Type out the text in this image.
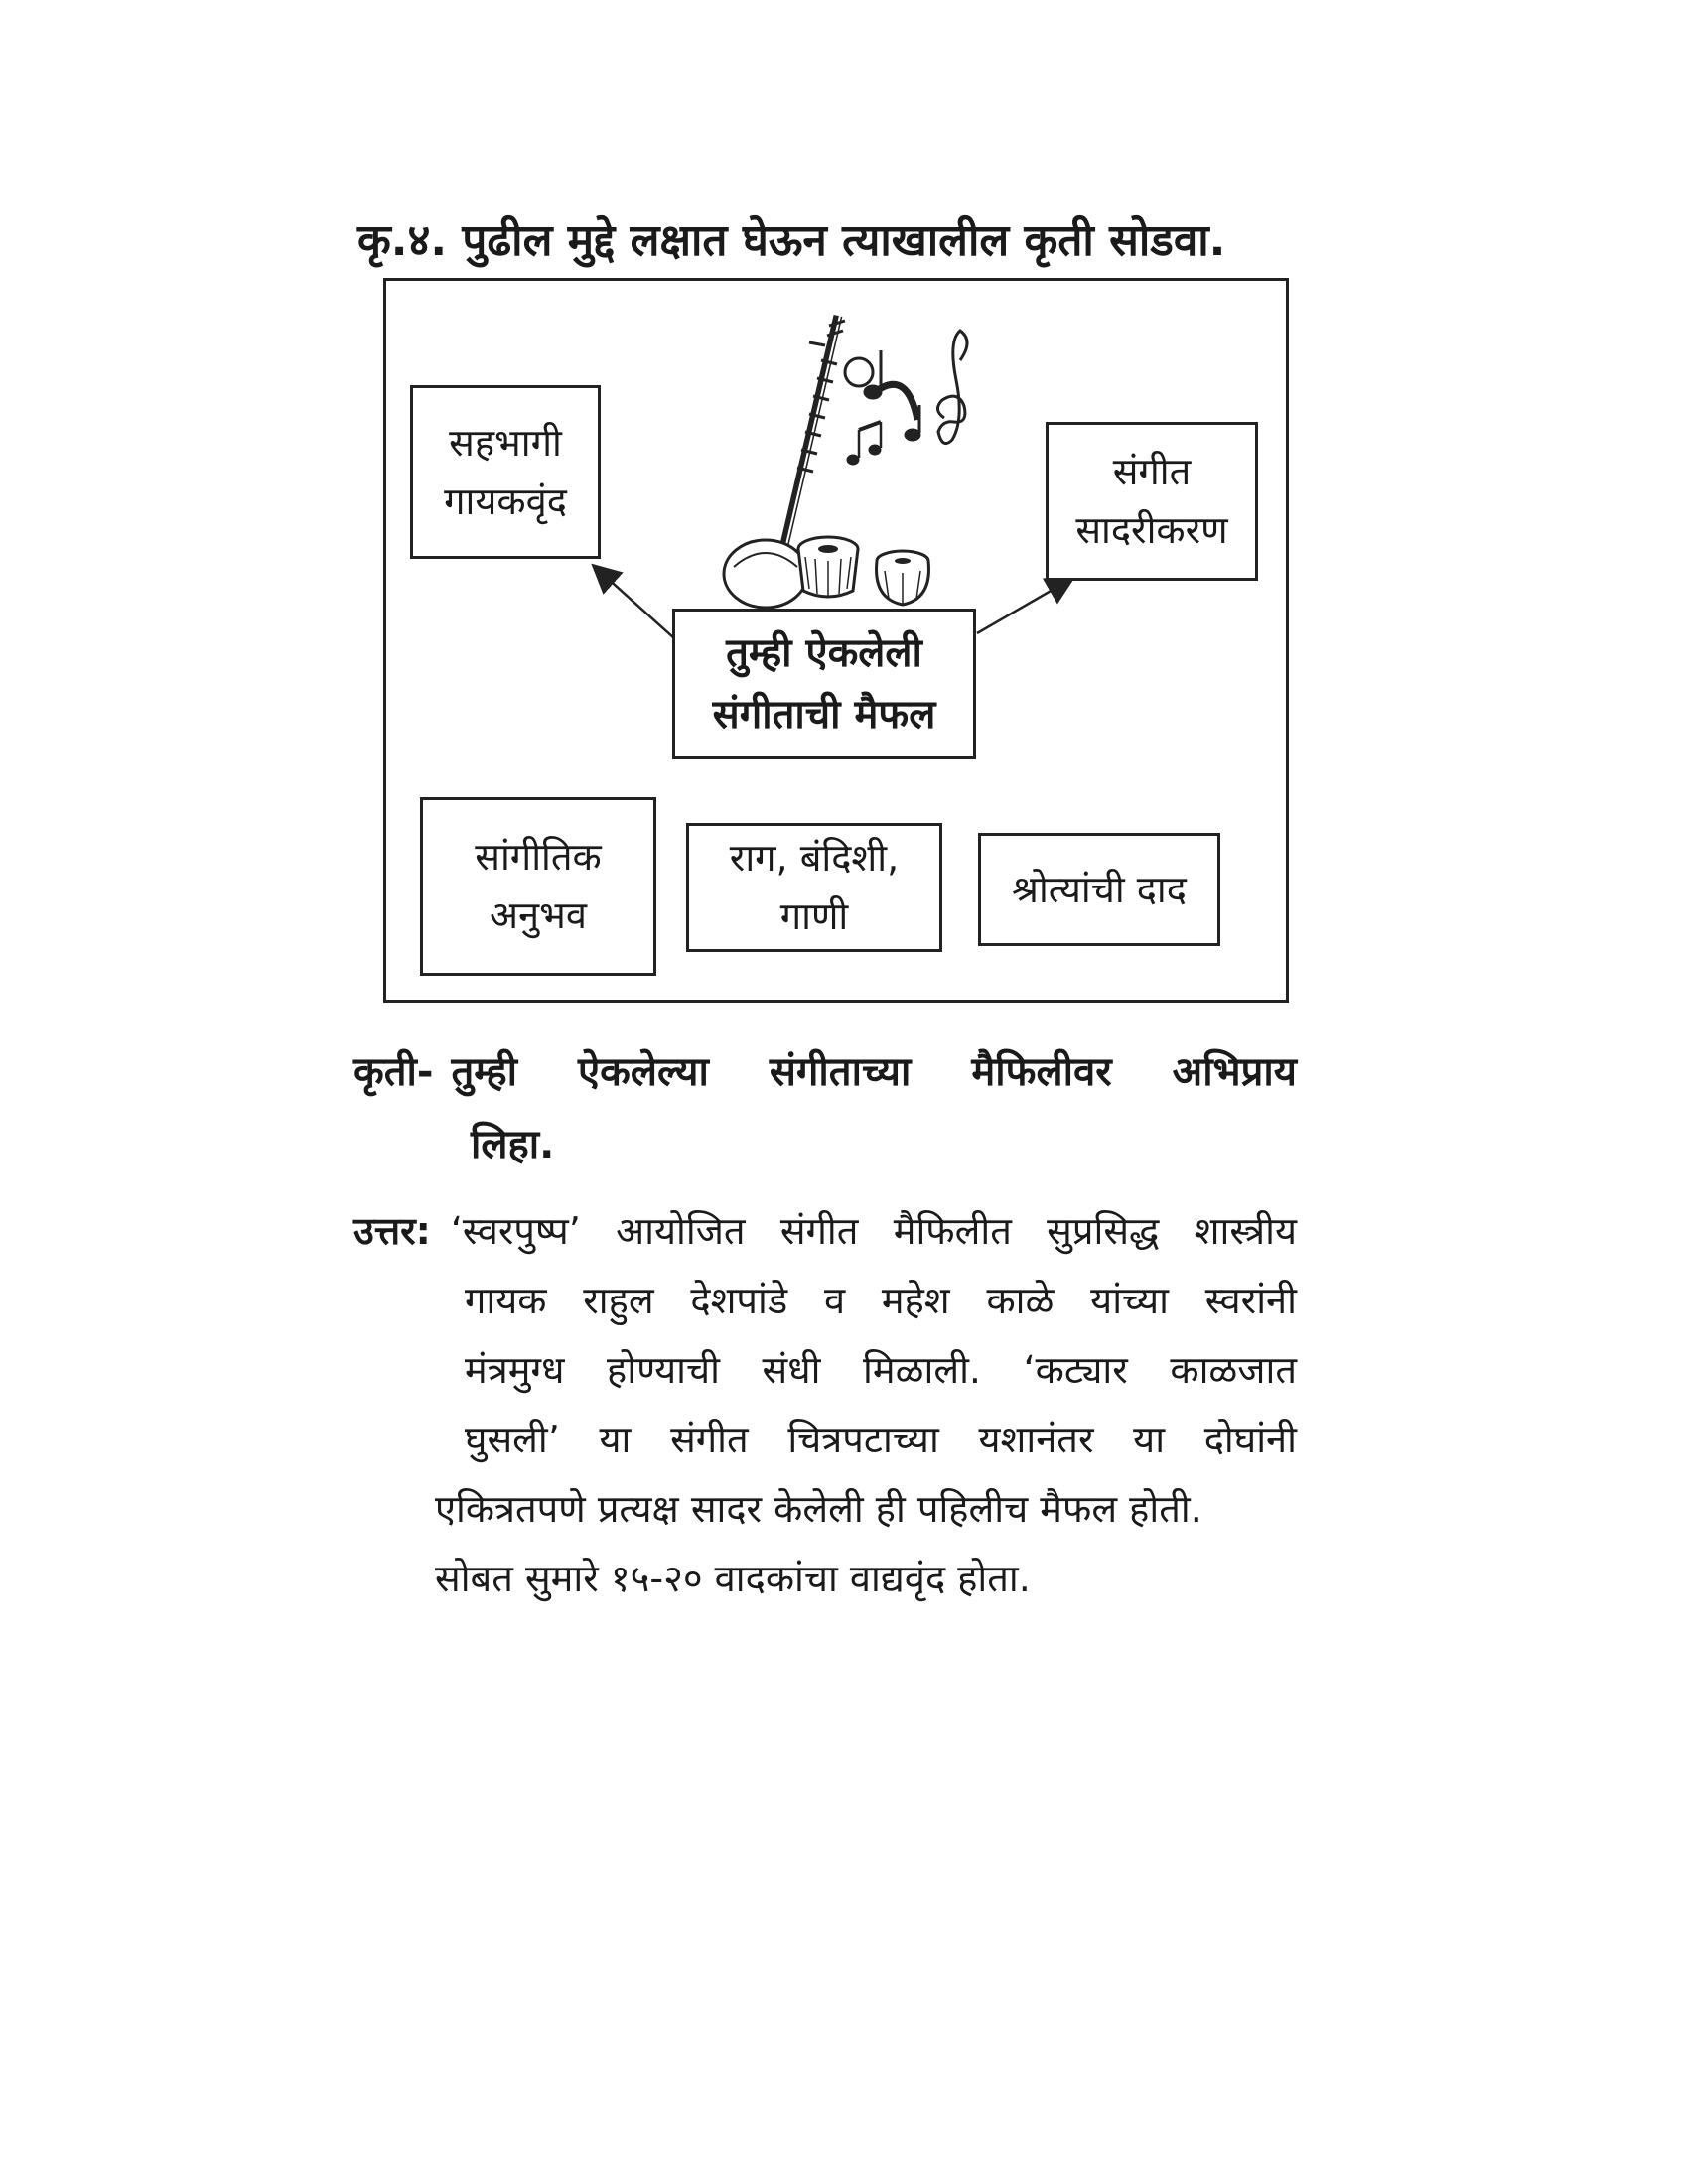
कृ.४. पुढील मुद्दे लक्षात घेऊन त्याखालील कृती सोडवा.
सहभागी
गायकवृंद
संगीत
सादरीकरण
तुम्ही ऐकलेली
संगीताची मैफल
सांगीतिक
अनुभव
राग, बंदिशी,
गाणी
श्रोत्यांची दाद
कृती- तुम्ही ऐकलेल्या संगीताच्या मैफिलीवर अभिप्राय
लिहा.
उत्तर: ‘स्वरपुष्प’ आयोजित संगीत मैफिलीत सुप्रसिद्ध शास्त्रीय
गायक राहुल देशपांडे व महेश काळे यांच्या स्वरांनी
मंत्रमुग्ध होण्याची संधी मिळाली. ‘कट्यार काळजात
घुसली’ या संगीत चित्रपटाच्या यशानंतर या दोघांनी
एकित्रतपणे प्रत्यक्ष सादर केलेली ही पहिलीच मैफल होती.
सोबत सुमारे १५-२० वादकांचा वाद्यवृंद होता.
